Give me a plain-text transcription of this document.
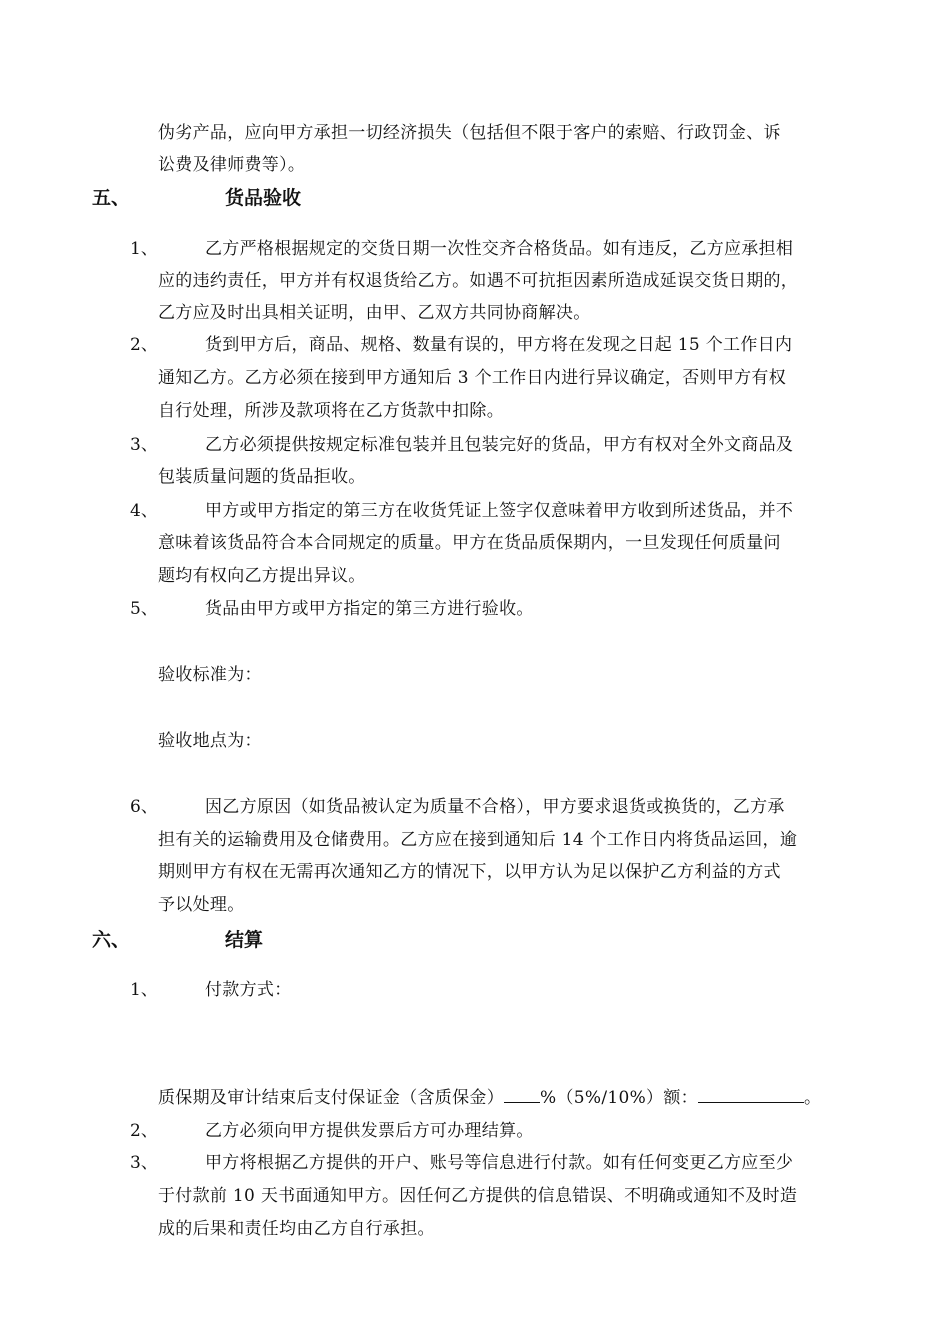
伪劣产品，应向甲方承担一切经济损失（包括但不限于客户的索赔、行政罚金、诉
讼费及律师费等）。
五、	货品验收
1、	乙方严格根据规定的交货日期一次性交齐合格货品。如有违反，乙方应承担相
应的违约责任，甲方并有权退货给乙方。如遇不可抗拒因素所造成延误交货日期的，
乙方应及时出具相关证明，由甲、乙双方共同协商解决。
2、	货到甲方后，商品、规格、数量有误的，甲方将在发现之日起 15 个工作日内
通知乙方。乙方必须在接到甲方通知后 3 个工作日内进行异议确定，否则甲方有权
自行处理，所涉及款项将在乙方货款中扣除。
3、	乙方必须提供按规定标准包装并且包装完好的货品，甲方有权对全外文商品及
包装质量问题的货品拒收。
4、	甲方或甲方指定的第三方在收货凭证上签字仅意味着甲方收到所述货品，并不
意味着该货品符合本合同规定的质量。甲方在货品质保期内，一旦发现任何质量问
题均有权向乙方提出异议。
5、	货品由甲方或甲方指定的第三方进行验收。
验收标准为：
验收地点为：
6、	因乙方原因（如货品被认定为质量不合格），甲方要求退货或换货的，乙方承
担有关的运输费用及仓储费用。乙方应在接到通知后 14 个工作日内将货品运回，逾
期则甲方有权在无需再次通知乙方的情况下，以甲方认为足以保护乙方利益的方式
予以处理。
六、	结算
1、	付款方式：
质保期及审计结束后支付保证金（含质保金） %（5%/10%）额：	。
2、	乙方必须向甲方提供发票后方可办理结算。
3、	甲方将根据乙方提供的开户、账号等信息进行付款。如有任何变更乙方应至少
于付款前 10 天书面通知甲方。因任何乙方提供的信息错误、不明确或通知不及时造
成的后果和责任均由乙方自行承担。
